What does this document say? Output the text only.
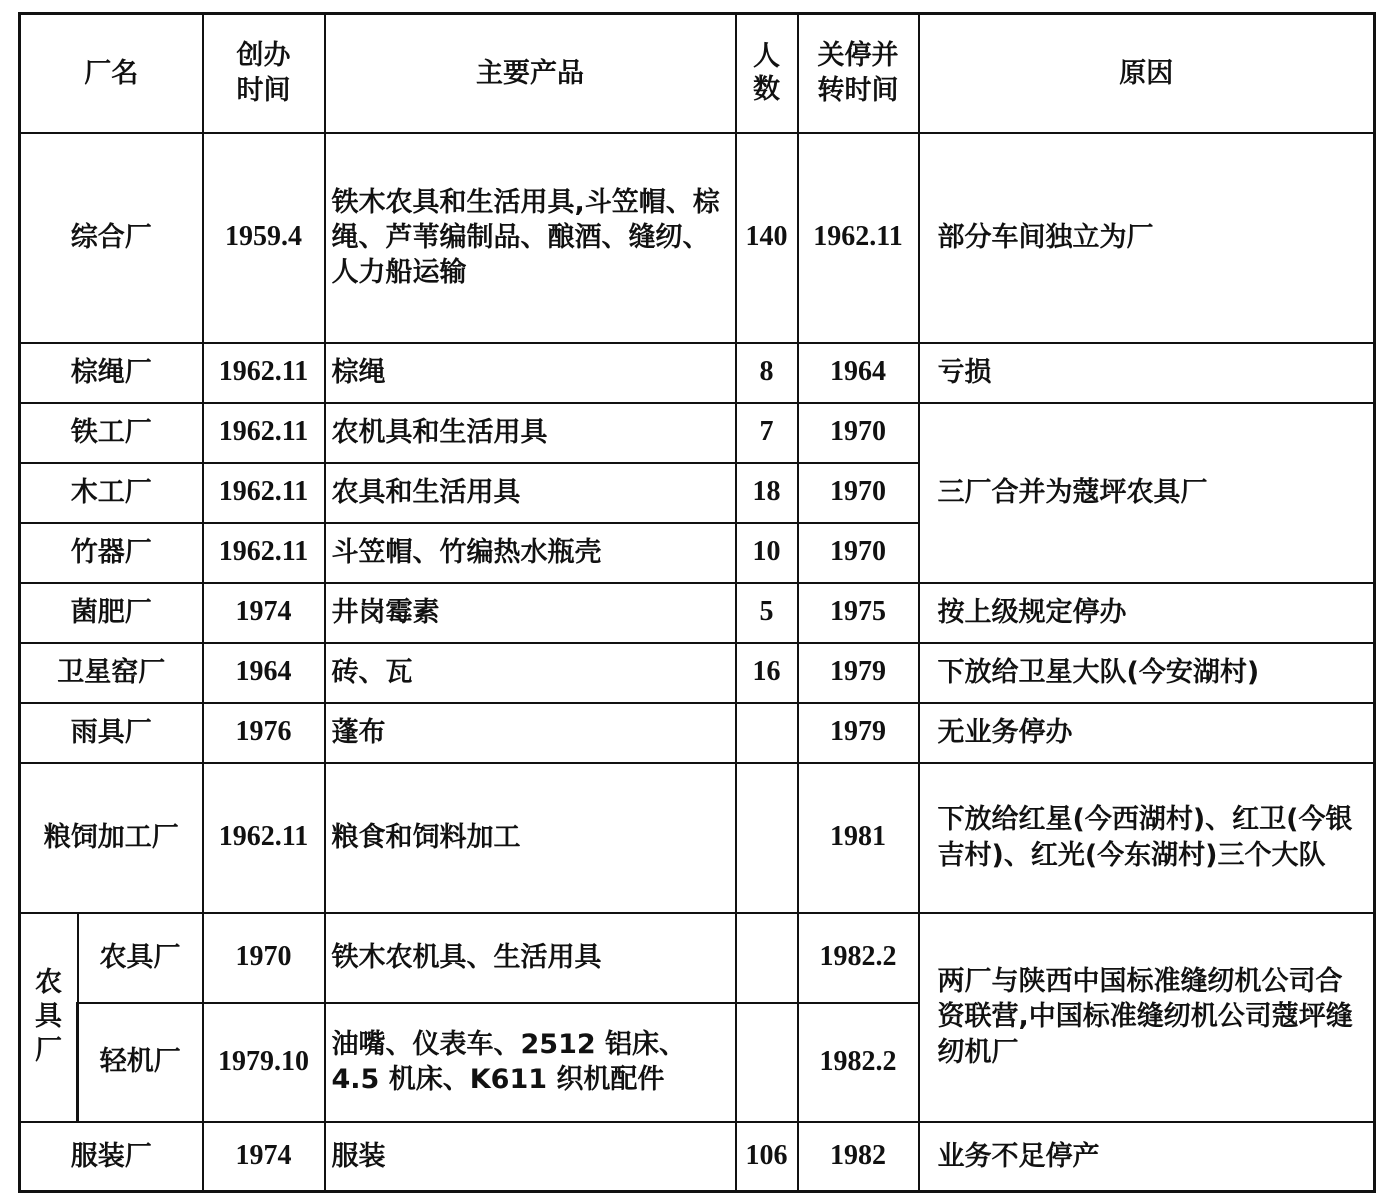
厂名		创办时间	主要产品	人数	关停并转时间	原因
综合厂		1959.4	铁木农具和生活用具,斗笠帽、棕绳、芦苇编制品、酿酒、缝纫、人力船运输	140	1962.11	部分车间独立为厂
棕绳厂		1962.11	棕绳	8	1964	亏损
铁工厂		1962.11	农机具和生活用具	7	1970	三厂合并为蔻坪农具厂
木工厂		1962.11	农具和生活用具	18	1970	
竹器厂		1962.11	斗笠帽、竹编热水瓶壳	10	1970	
菌肥厂		1974	井岗霉素	5	1975	按上级规定停办
卫星窑厂		1964	砖、瓦	16	1979	下放给卫星大队(今安湖村)
雨具厂		1976	蓬布		1979	无业务停办
粮饲加工厂		1962.11	粮食和饲料加工		1981	下放给红星(今西湖村)、红卫(今银吉村)、红光(今东湖村)三个大队

农具厂	农具厂	1970	铁木农机具、生活用具		1982.2	两厂与陕西中国标准缝纫机公司合资联营,中国标准缝纫机公司蔻坪缝纫机厂
	轻机厂	1979.10	油嘴、仪表车、2512 铝床、4.5 机床、K611 织机配件		1982.2	
服装厂		1974	服装	106	1982	业务不足停产
